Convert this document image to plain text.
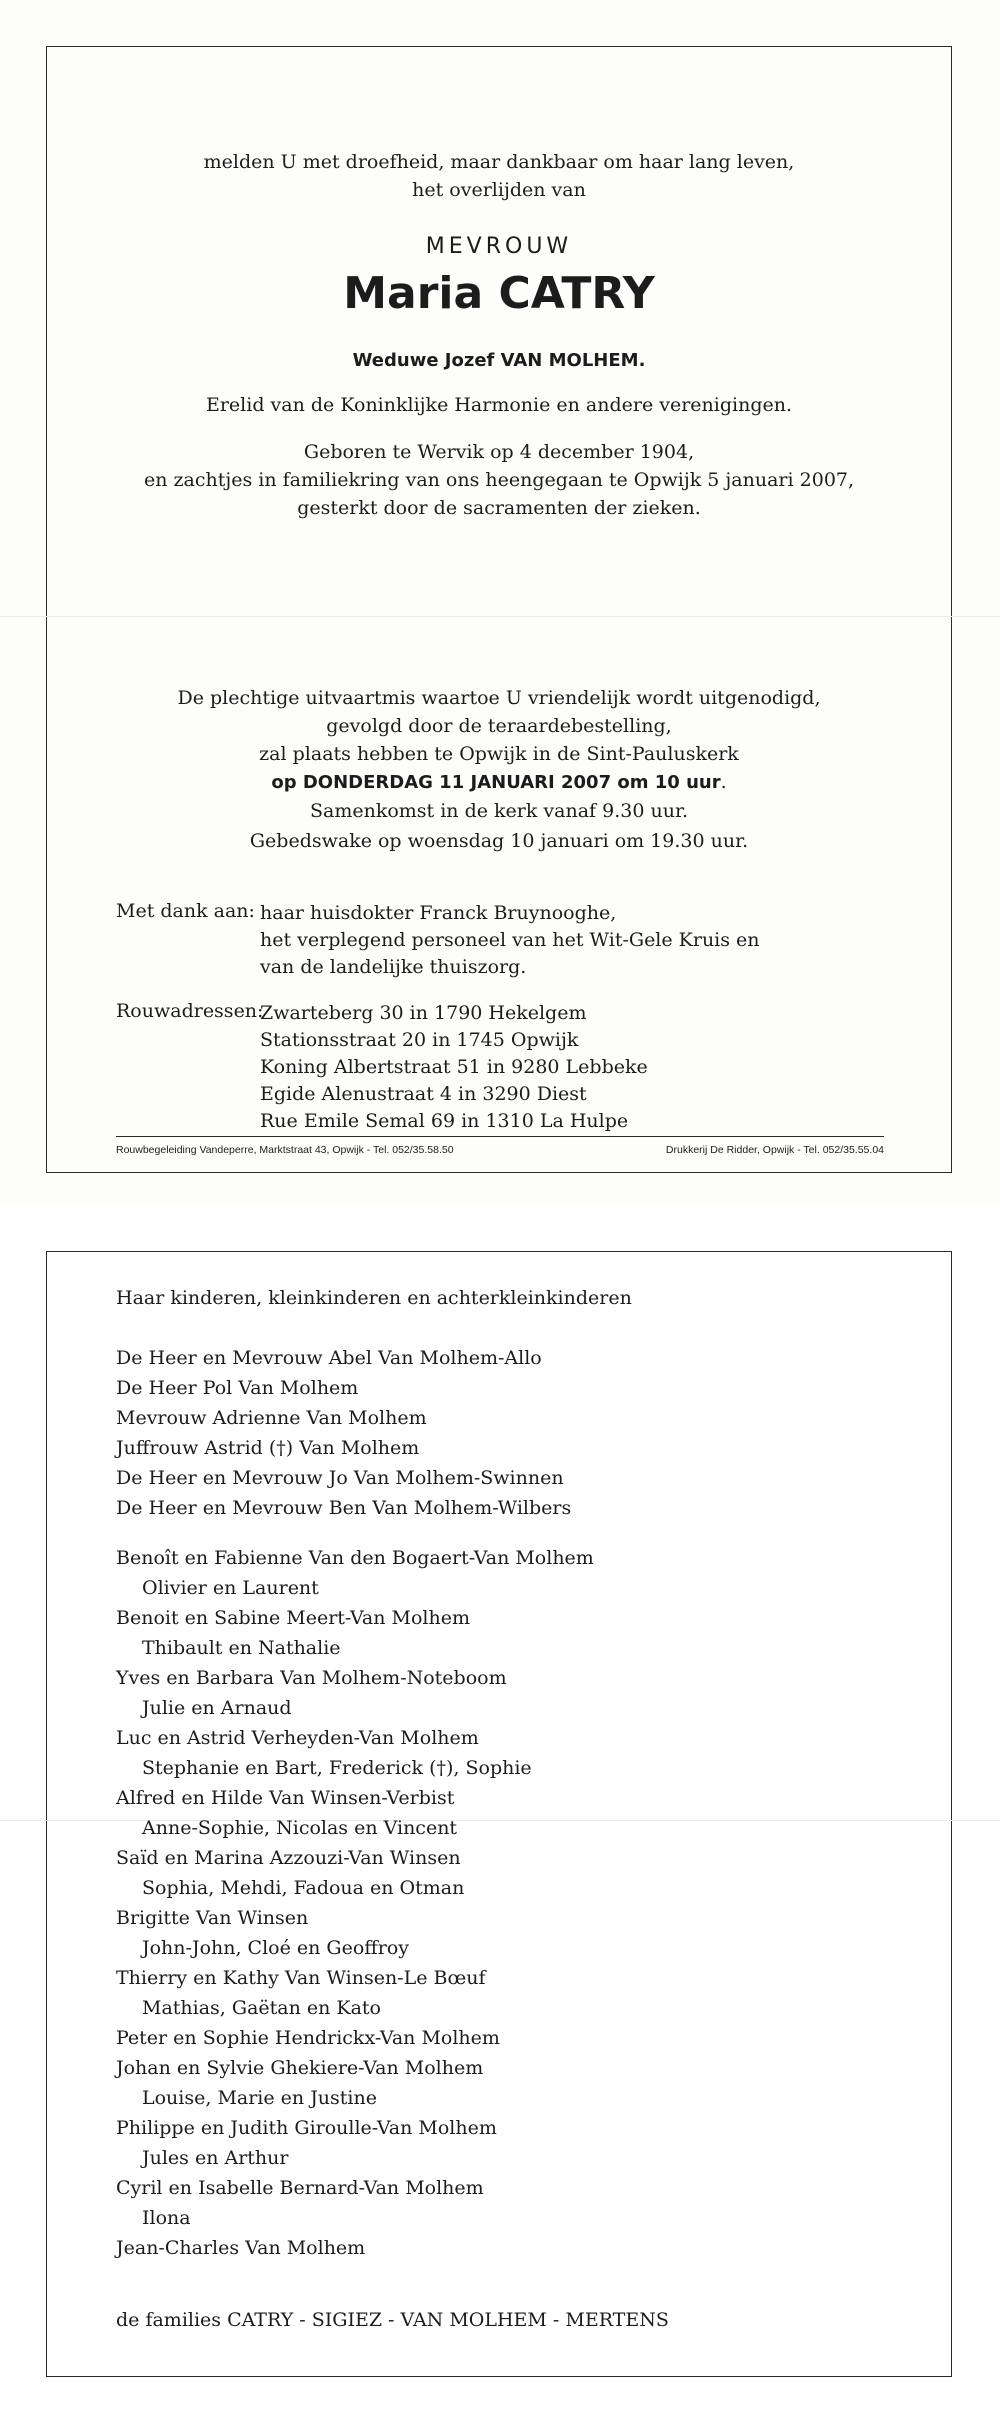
melden U met droefheid, maar dankbaar om haar lang leven,
het overlijden van
MEVROUW
Maria CATRY
Weduwe Jozef VAN MOLHEM.
Erelid van de Koninklijke Harmonie en andere verenigingen.
Geboren te Wervik op 4 december 1904,
en zachtjes in familiekring van ons heengegaan te Opwijk 5 januari 2007,
gesterkt door de sacramenten der zieken.
De plechtige uitvaartmis waartoe U vriendelijk wordt uitgenodigd,
gevolgd door de teraardebestelling,
zal plaats hebben te Opwijk in de Sint-Pauluskerk
op DONDERDAG 11 JANUARI 2007 om 10 uur.
Samenkomst in de kerk vanaf 9.30 uur.
Gebedswake op woensdag 10 januari om 19.30 uur.
Met dank aan: haar huisdokter Franck Bruynooghe,
het verplegend personeel van het Wit-Gele Kruis en
van de landelijke thuiszorg.
Rouwadressen:
Zwarteberg 30 in 1790 Hekelgem
Stationsstraat 20 in 1745 Opwijk
Koning Albertstraat 51 in 9280 Lebbeke
Egide Alenustraat 4 in 3290 Diest
Rue Emile Semal 69 in 1310 La Hulpe
Rouwbegeleiding Vandeperre, Marktstraat 43, Opwijk - Tel. 052/35.58.50	Drukkerij De Ridder, Opwijk - Tel. 052/35.55.04
Haar kinderen, kleinkinderen en achterkleinkinderen
De Heer en Mevrouw Abel Van Molhem-Allo
De Heer Pol Van Molhem
Mevrouw Adrienne Van Molhem
Juffrouw Astrid (†) Van Molhem
De Heer en Mevrouw Jo Van Molhem-Swinnen
De Heer en Mevrouw Ben Van Molhem-Wilbers
Benoît en Fabienne Van den Bogaert-Van Molhem
Olivier en Laurent
Benoit en Sabine Meert-Van Molhem
Thibault en Nathalie
Yves en Barbara Van Molhem-Noteboom
Julie en Arnaud
Luc en Astrid Verheyden-Van Molhem
Stephanie en Bart, Frederick (†), Sophie
Alfred en Hilde Van Winsen-Verbist
Anne-Sophie, Nicolas en Vincent
Saïd en Marina Azzouzi-Van Winsen
Sophia, Mehdi, Fadoua en Otman
Brigitte Van Winsen
John-John, Cloé en Geoffroy
Thierry en Kathy Van Winsen-Le Bœuf
Mathias, Gaëtan en Kato
Peter en Sophie Hendrickx-Van Molhem
Johan en Sylvie Ghekiere-Van Molhem
Louise, Marie en Justine
Philippe en Judith Giroulle-Van Molhem
Jules en Arthur
Cyril en Isabelle Bernard-Van Molhem
Ilona
Jean-Charles Van Molhem
de families CATRY - SIGIEZ - VAN MOLHEM - MERTENS
